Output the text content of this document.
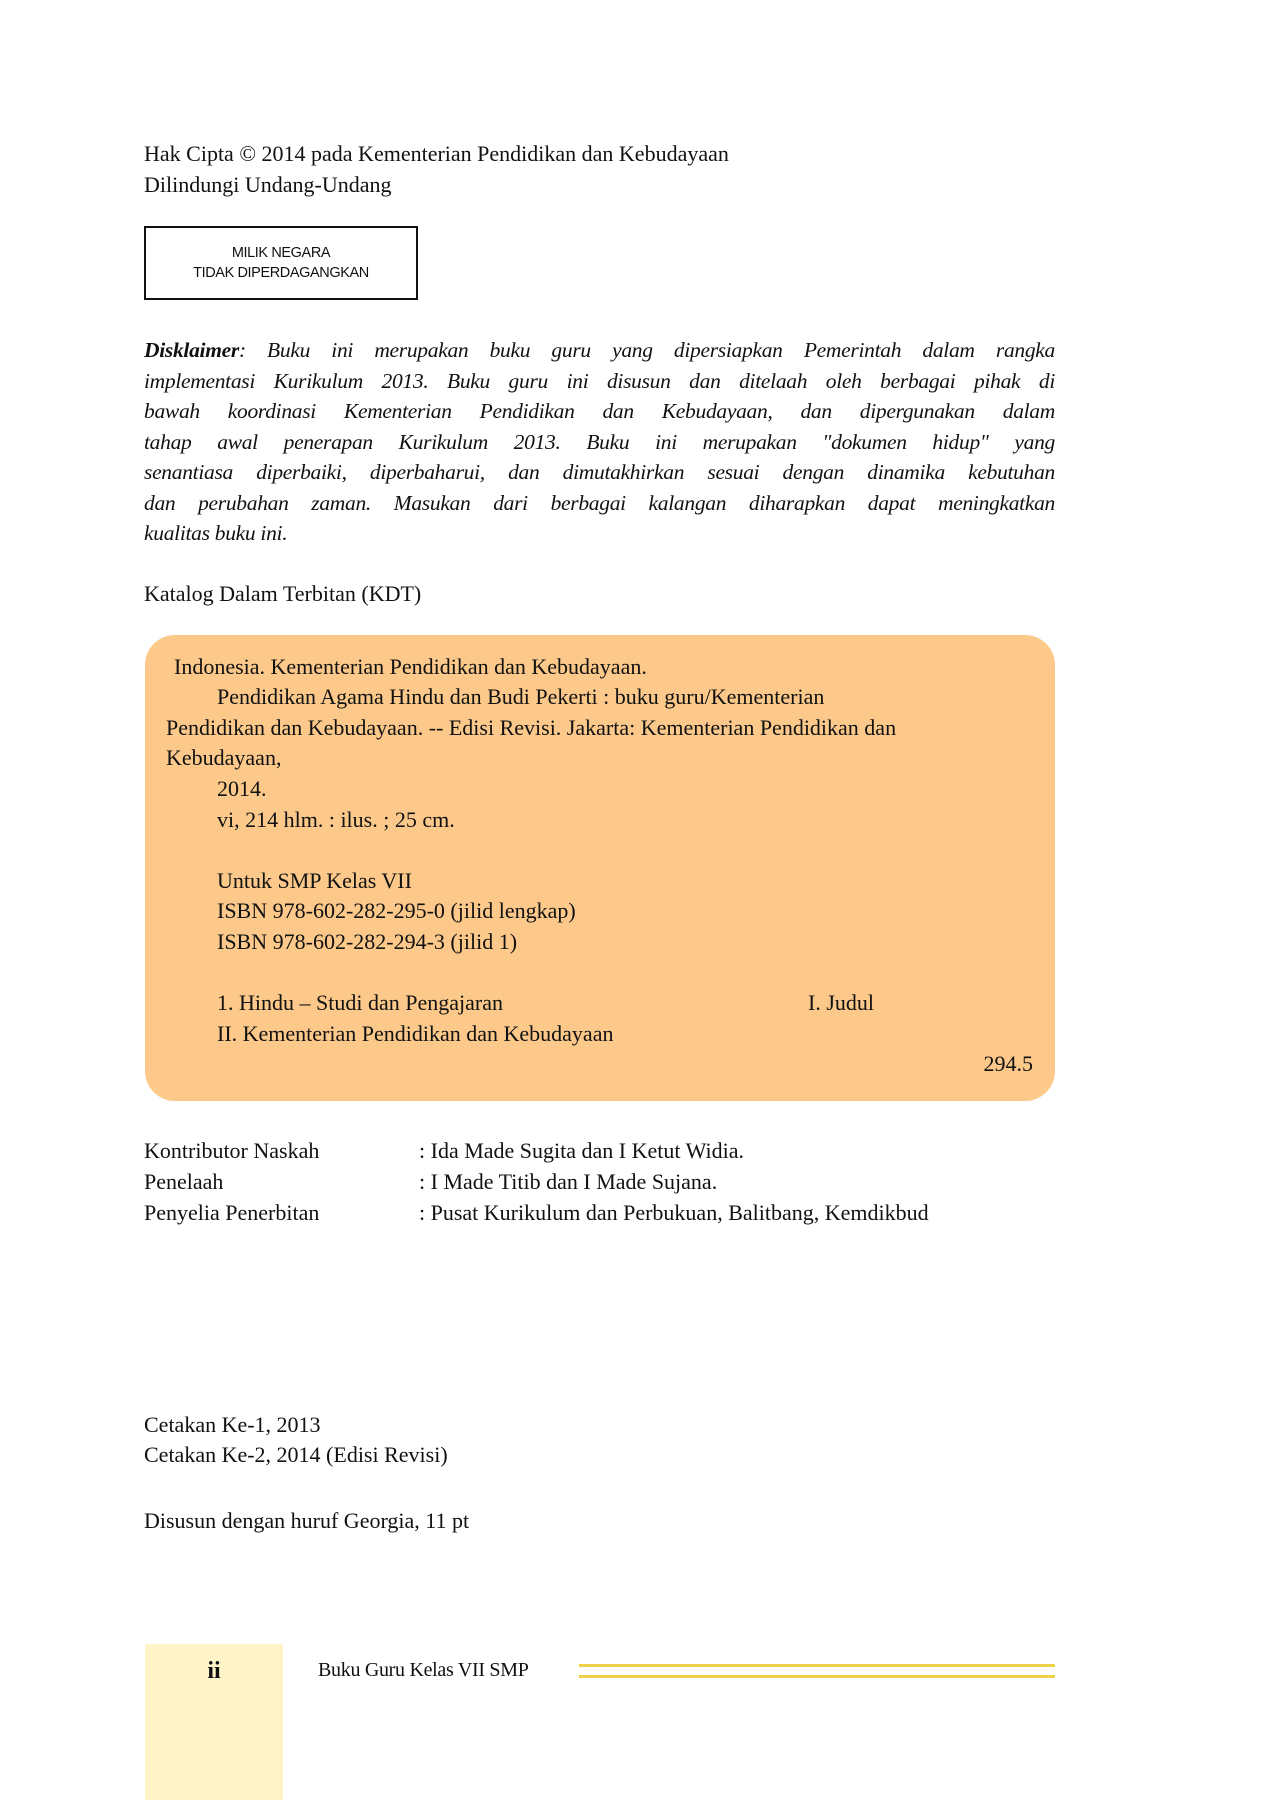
Hak Cipta © 2014 pada Kementerian Pendidikan dan Kebudayaan
Dilindungi Undang-Undang
MILIK NEGARA
TIDAK DIPERDAGANGKAN
Disklaimer: Buku ini merupakan buku guru yang dipersiapkan Pemerintah dalam rangka
implementasi Kurikulum 2013. Buku guru ini disusun dan ditelaah oleh berbagai pihak di
bawah koordinasi Kementerian Pendidikan dan Kebudayaan, dan dipergunakan dalam
tahap awal penerapan Kurikulum 2013. Buku ini merupakan "dokumen hidup" yang
senantiasa diperbaiki, diperbaharui, dan dimutakhirkan sesuai dengan dinamika kebutuhan
dan perubahan zaman. Masukan dari berbagai kalangan diharapkan dapat meningkatkan
kualitas buku ini.
Katalog Dalam Terbitan (KDT)
Indonesia. Kementerian Pendidikan dan Kebudayaan.
Pendidikan Agama Hindu dan Budi Pekerti : buku guru/Kementerian
Pendidikan dan Kebudayaan. -- Edisi Revisi. Jakarta: Kementerian Pendidikan dan
Kebudayaan,
2014.
vi, 214 hlm. : ilus. ; 25 cm.
Untuk SMP Kelas VII
ISBN 978-602-282-295-0 (jilid lengkap)
ISBN 978-602-282-294-3 (jilid 1)
1. Hindu – Studi dan Pengajaran	I. Judul
II. Kementerian Pendidikan dan Kebudayaan
294.5
Kontributor Naskah	: Ida Made Sugita dan I Ketut Widia.
Penelaah	: I Made Titib dan I Made Sujana.
Penyelia Penerbitan	: Pusat Kurikulum dan Perbukuan, Balitbang, Kemdikbud
Cetakan Ke-1, 2013
Cetakan Ke-2, 2014 (Edisi Revisi)
Disusun dengan huruf Georgia, 11 pt
ii	Buku Guru Kelas VII SMP
